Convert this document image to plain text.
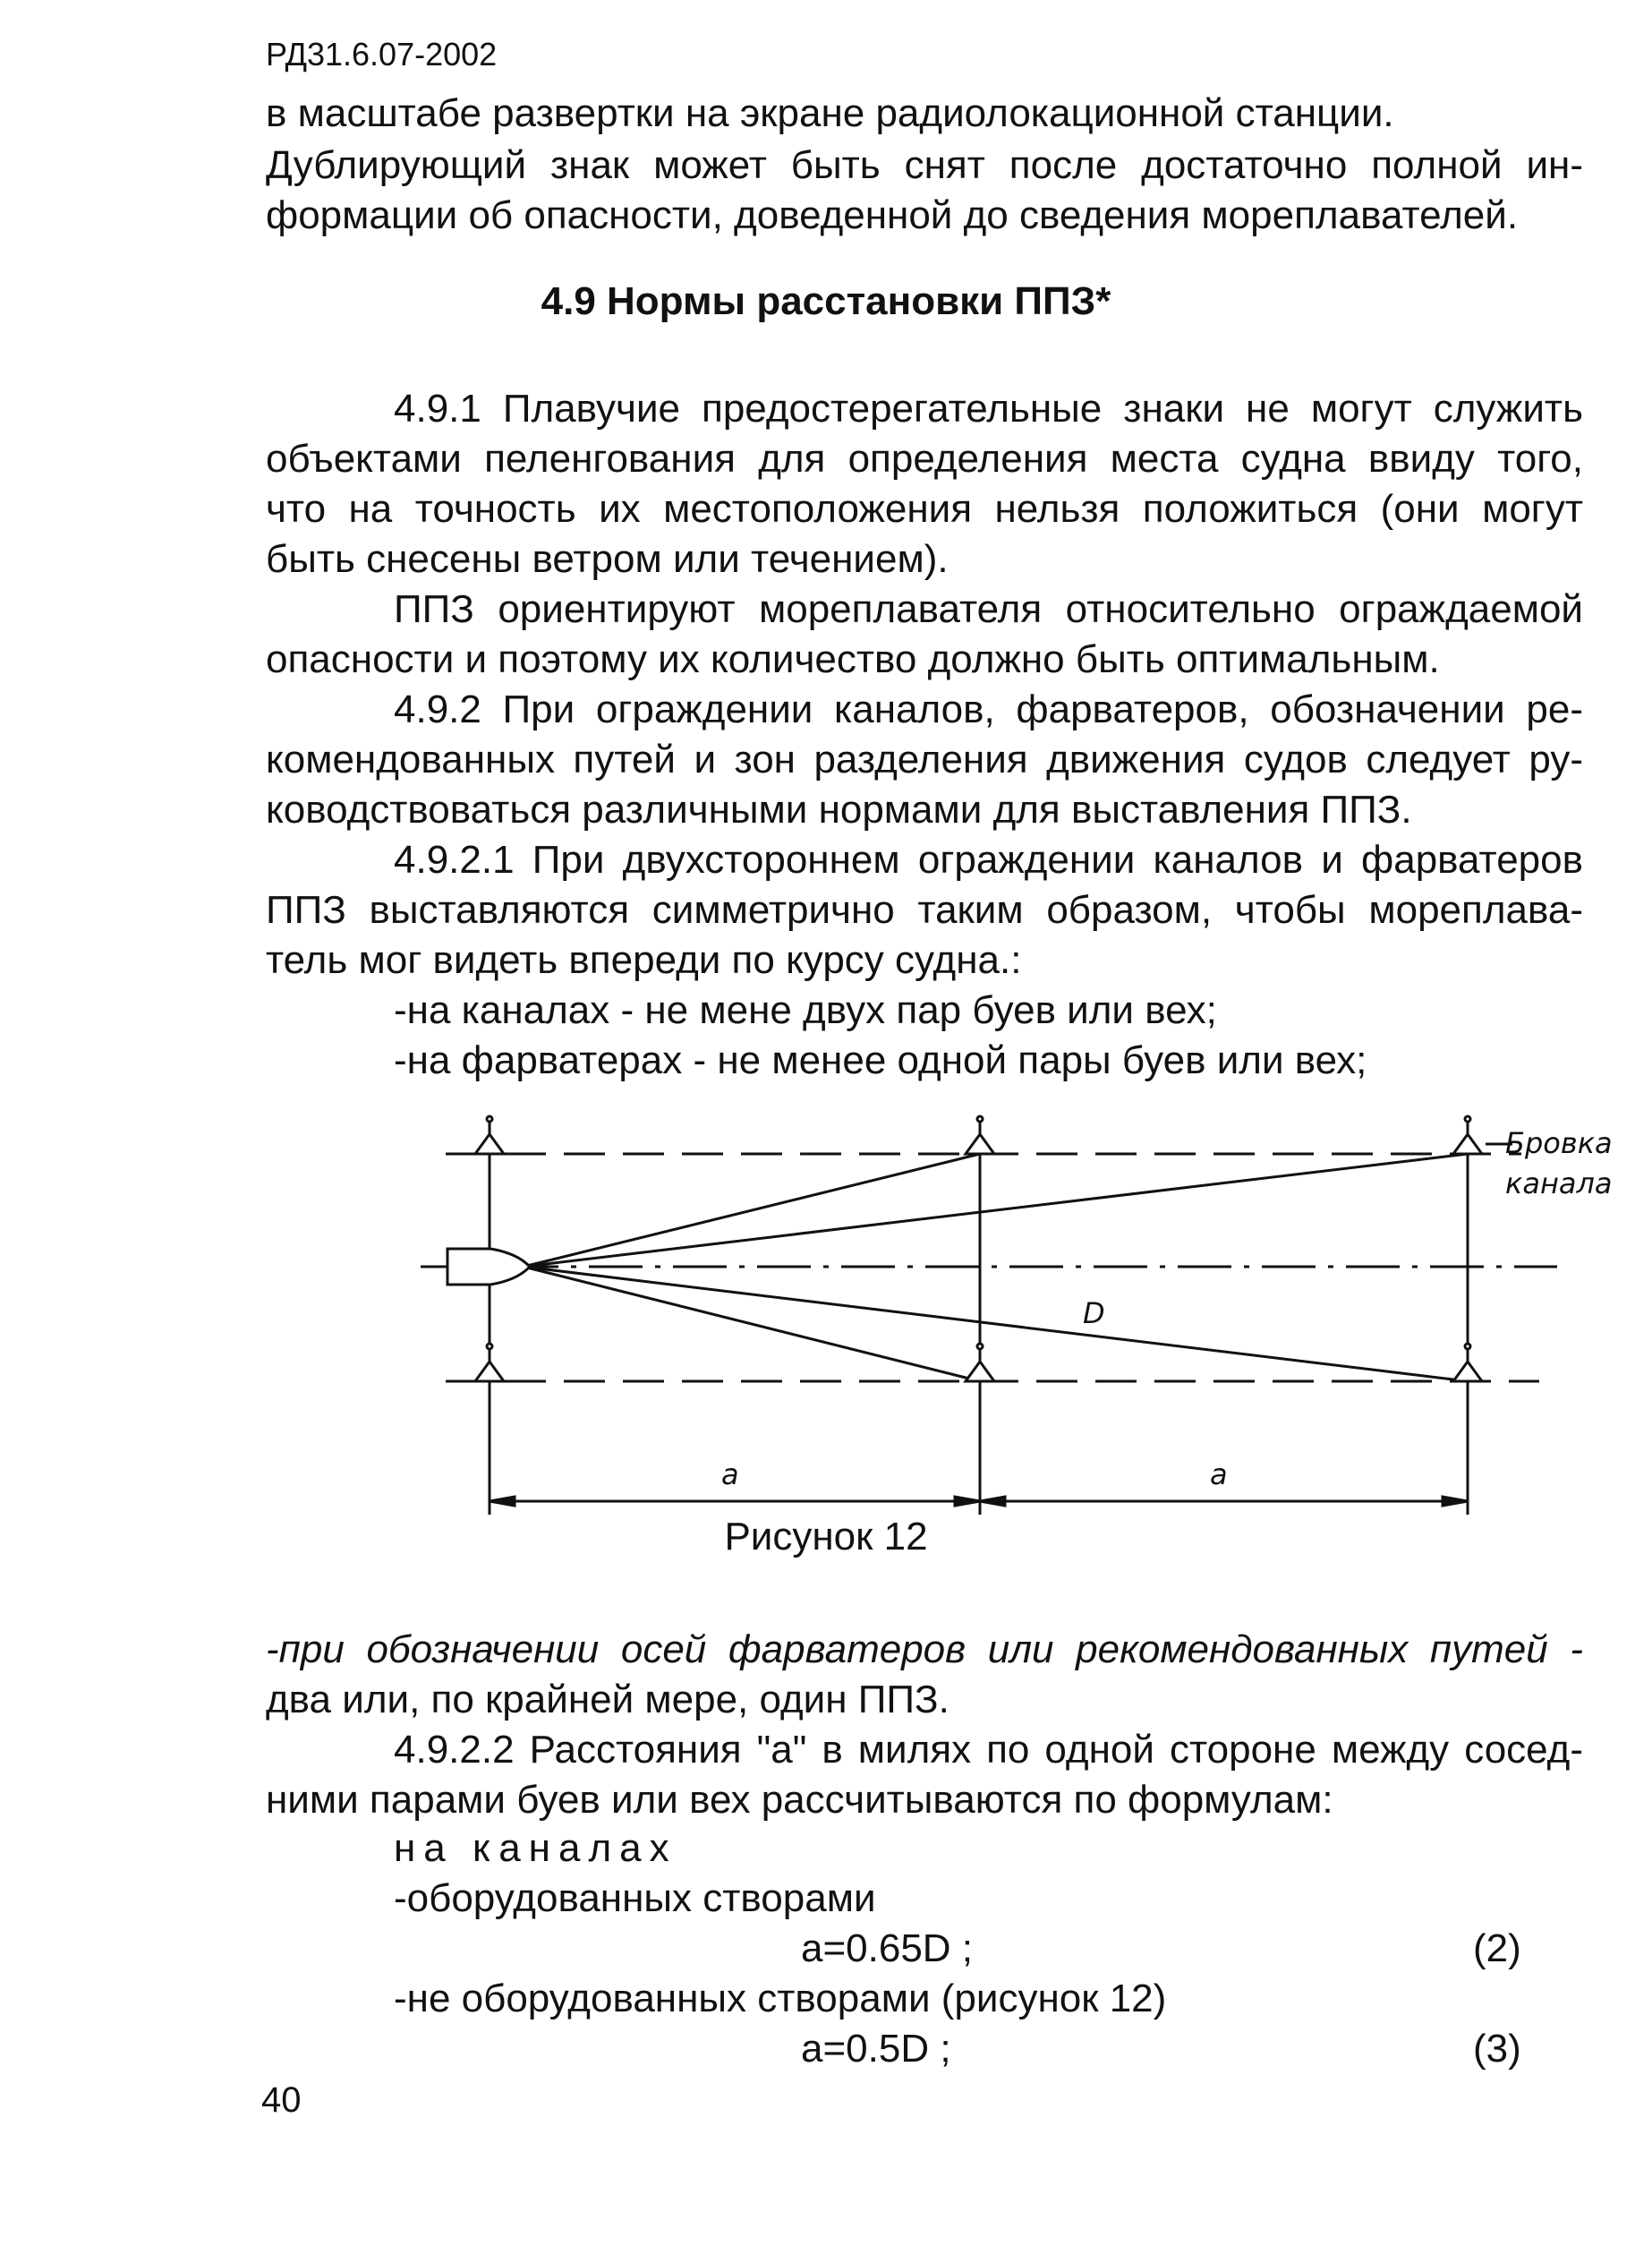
РД31.6.07-2002
в масштабе развертки на экране радиолокационной станции.
Дублирующий знак может быть снят после достаточно полной ин-
формации об опасности, доведенной до сведения мореплавателей.
4.9 Нормы расстановки ППЗ*
4.9.1 Плавучие предостерегательные знаки не могут служить
объектами пеленгования для определения места судна ввиду того,
что на точность их местоположения нельзя положиться (они могут
быть снесены ветром или течением).
ППЗ ориентируют мореплавателя относительно ограждаемой
опасности и поэтому их количество должно быть оптимальным.
4.9.2 При ограждении каналов, фарватеров, обозначении ре-
комендованных путей и зон разделения движения судов следует ру-
ководствоваться различными нормами для выставления ППЗ.
4.9.2.1 При двухстороннем ограждении каналов и фарватеров
ППЗ выставляются симметрично таким образом, чтобы мореплава-
тель мог видеть впереди по курсу судна.:
-на каналах - не мене двух пар буев или вех;
-на фарватерах - не менее одной пары буев или вех;
Бровка
канала
D
a	a
Рисунок 12
-при обозначении осей фарватеров или рекомендованных путей -
два или, по крайней мере, один ППЗ.
4.9.2.2 Расстояния "а" в милях по одной стороне между сосед-
ними парами буев или вех рассчитываются по формулам:
на каналах
-оборудованных створами
а=0.65D ;	(2)
-не оборудованных створами (рисунок 12)
а=0.5D ;	(3)
40
